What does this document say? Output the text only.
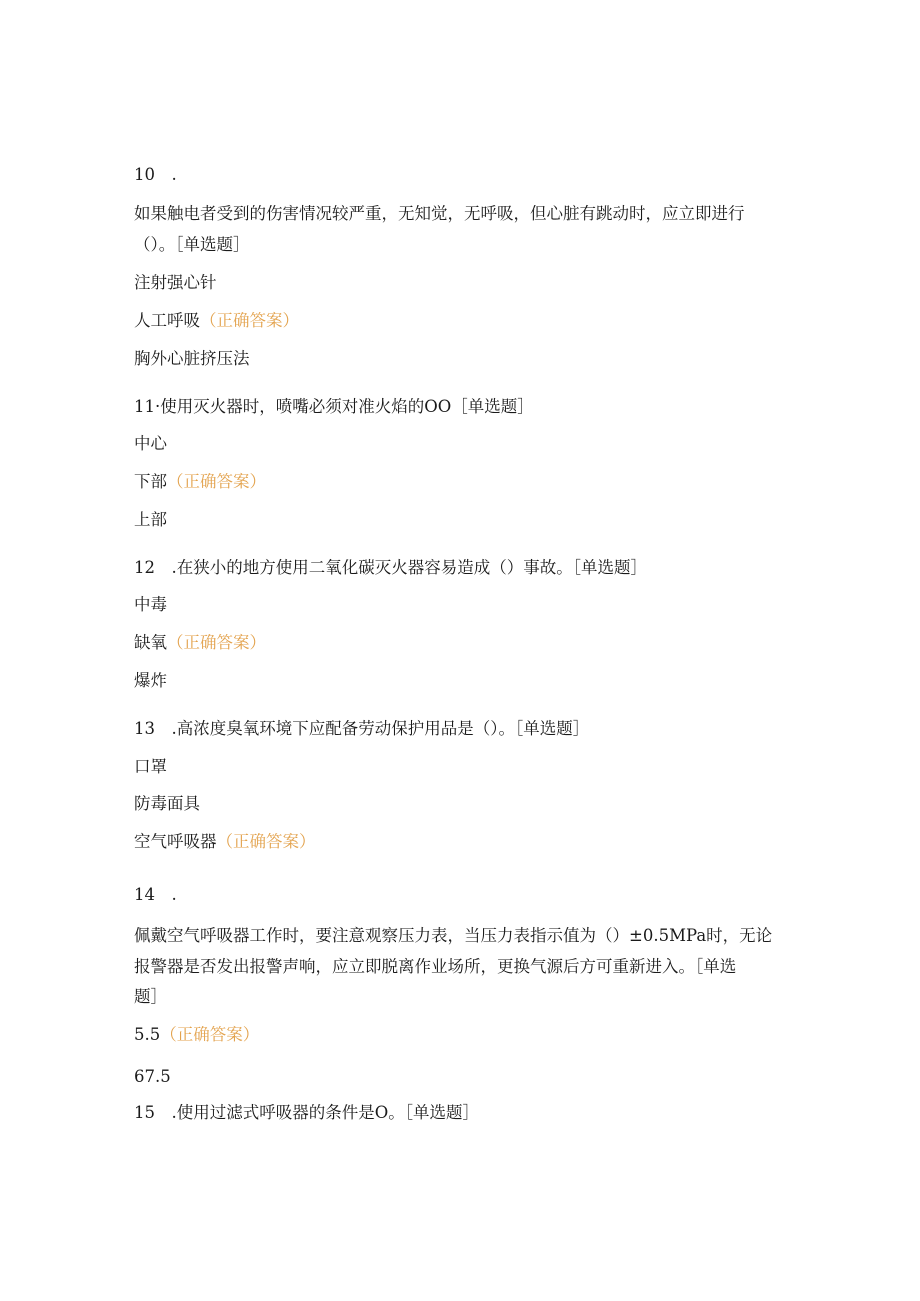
10　.
如果触电者受到的伤害情况较严重，无知觉，无呼吸，但心脏有跳动时，应立即进行
（）。［单选题］
注射强心针
人工呼吸（正确答案）
胸外心脏挤压法
11·使用灭火器时，喷嘴必须对准火焰的OO［单选题］
中心
下部（正确答案）
上部
12　.在狭小的地方使用二氧化碳灭火器容易造成（）事故。［单选题］
中毒
缺氧（正确答案）
爆炸
13　.高浓度臭氧环境下应配备劳动保护用品是（）。［单选题］
口罩
防毒面具
空气呼吸器（正确答案）
14　.
佩戴空气呼吸器工作时，要注意观察压力表，当压力表指示值为（）±0.5MPa时，无论
报警器是否发出报警声响，应立即脱离作业场所，更换气源后方可重新进入。［单选
题］
5.5（正确答案）
67.5
15　.使用过滤式呼吸器的条件是O。［单选题］
